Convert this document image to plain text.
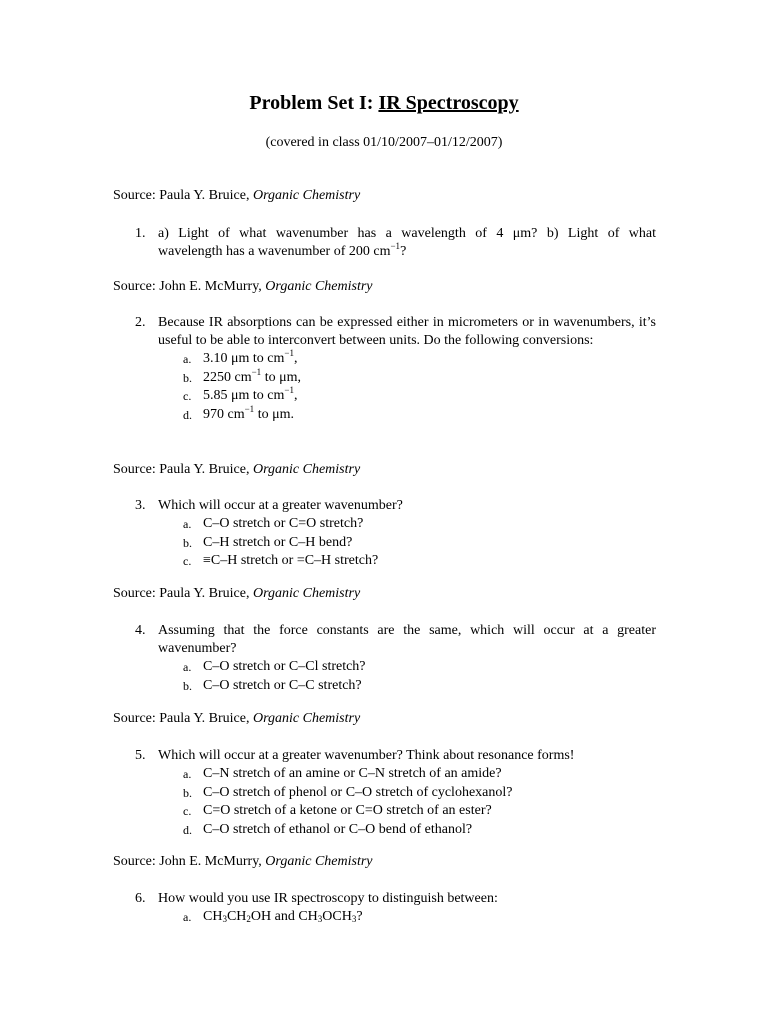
Problem Set I: IR Spectroscopy
(covered in class 01/10/2007–01/12/2007)
Source: Paula Y. Bruice, Organic Chemistry
1. a) Light of what wavenumber has a wavelength of 4 μm? b) Light of what
wavelength has a wavenumber of 200 $cm^{-1}$?
Source: John E. McMurry, Organic Chemistry
2. Because IR absorptions can be expressed either in micrometers or in wavenumbers, it’s useful to be able to interconvert between units. Do the following conversions:
a. 3.10 μm to $cm^{-1}$,
b. 2250 $cm^{-1}$ to μm,
c. 5.85 μm to $cm^{-1}$,
d. 970 $cm^{-1}$ to μm.
Source: Paula Y. Bruice, Organic Chemistry
3. Which will occur at a greater wavenumber?
a. C–O stretch or C=O stretch?
b. C–H stretch or C–H bend?
c. ≡C–H stretch or =C–H stretch?
Source: Paula Y. Bruice, Organic Chemistry
4. Assuming that the force constants are the same, which will occur at a greater wavenumber?
a. C–O stretch or C–Cl stretch?
b. C–O stretch or C–C stretch?
Source: Paula Y. Bruice, Organic Chemistry
5. Which will occur at a greater wavenumber? Think about resonance forms!
a. C–N stretch of an amine or C–N stretch of an amide?
b. C–O stretch of phenol or C–O stretch of cyclohexanol?
c. C=O stretch of a ketone or C=O stretch of an ester?
d. C–O stretch of ethanol or C–O bend of ethanol?
Source: John E. McMurry, Organic Chemistry
6. How would you use IR spectroscopy to distinguish between:
a. $CH_3CH_2OH$ and $CH_3OCH_3$?
